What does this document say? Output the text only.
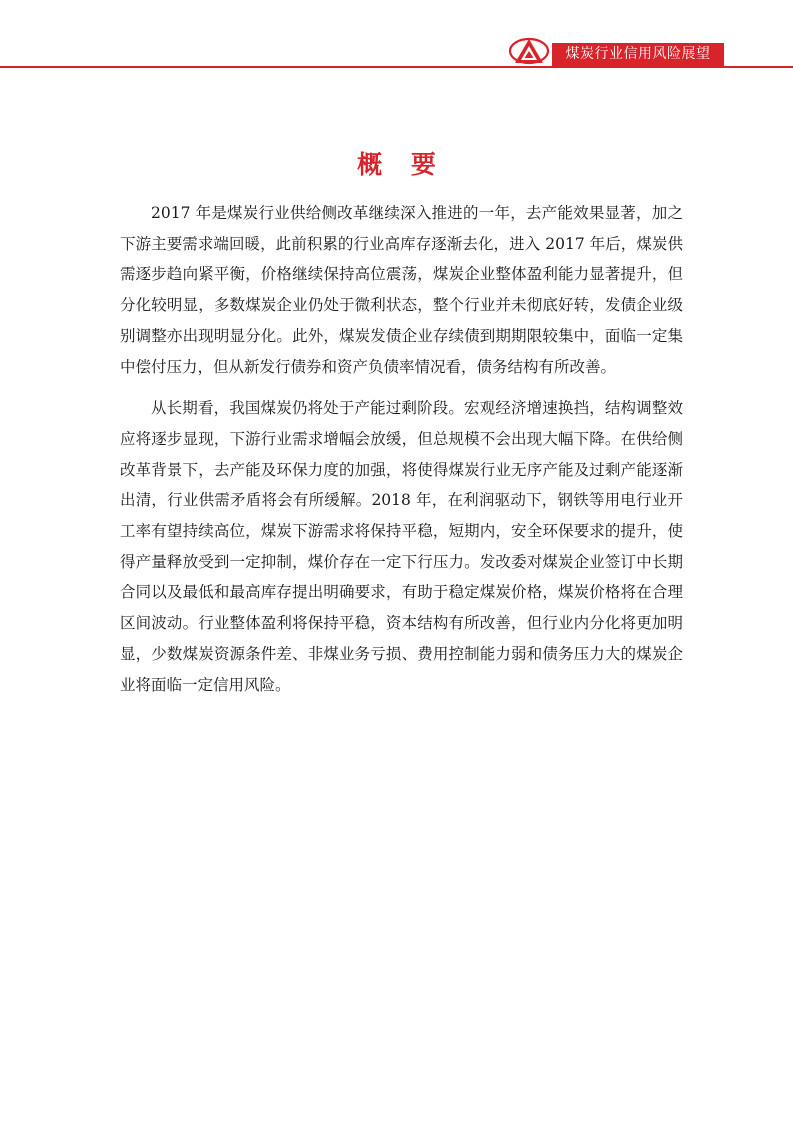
煤炭行业信用风险展望
概 要

2017 年是煤炭行业供给侧改革继续深入推进的一年，去产能效果显著，加之下游主要需求端回暖，此前积累的行业高库存逐渐去化，进入 2017 年后，煤炭供需逐步趋向紧平衡，价格继续保持高位震荡，煤炭企业整体盈利能力显著提升，但分化较明显，多数煤炭企业仍处于微利状态，整个行业并未彻底好转，发债企业级别调整亦出现明显分化。此外，煤炭发债企业存续债到期期限较集中，面临一定集中偿付压力，但从新发行债券和资产负债率情况看，债务结构有所改善。

从长期看，我国煤炭仍将处于产能过剩阶段。宏观经济增速换挡，结构调整效应将逐步显现，下游行业需求增幅会放缓，但总规模不会出现大幅下降。在供给侧改革背景下，去产能及环保力度的加强，将使得煤炭行业无序产能及过剩产能逐渐出清，行业供需矛盾将会有所缓解。2018 年，在利润驱动下，钢铁等用电行业开工率有望持续高位，煤炭下游需求将保持平稳，短期内，安全环保要求的提升，使得产量释放受到一定抑制，煤价存在一定下行压力。发改委对煤炭企业签订中长期合同以及最低和最高库存提出明确要求，有助于稳定煤炭价格，煤炭价格将在合理区间波动。行业整体盈利将保持平稳，资本结构有所改善，但行业内分化将更加明显，少数煤炭资源条件差、非煤业务亏损、费用控制能力弱和债务压力大的煤炭企业将面临一定信用风险。
